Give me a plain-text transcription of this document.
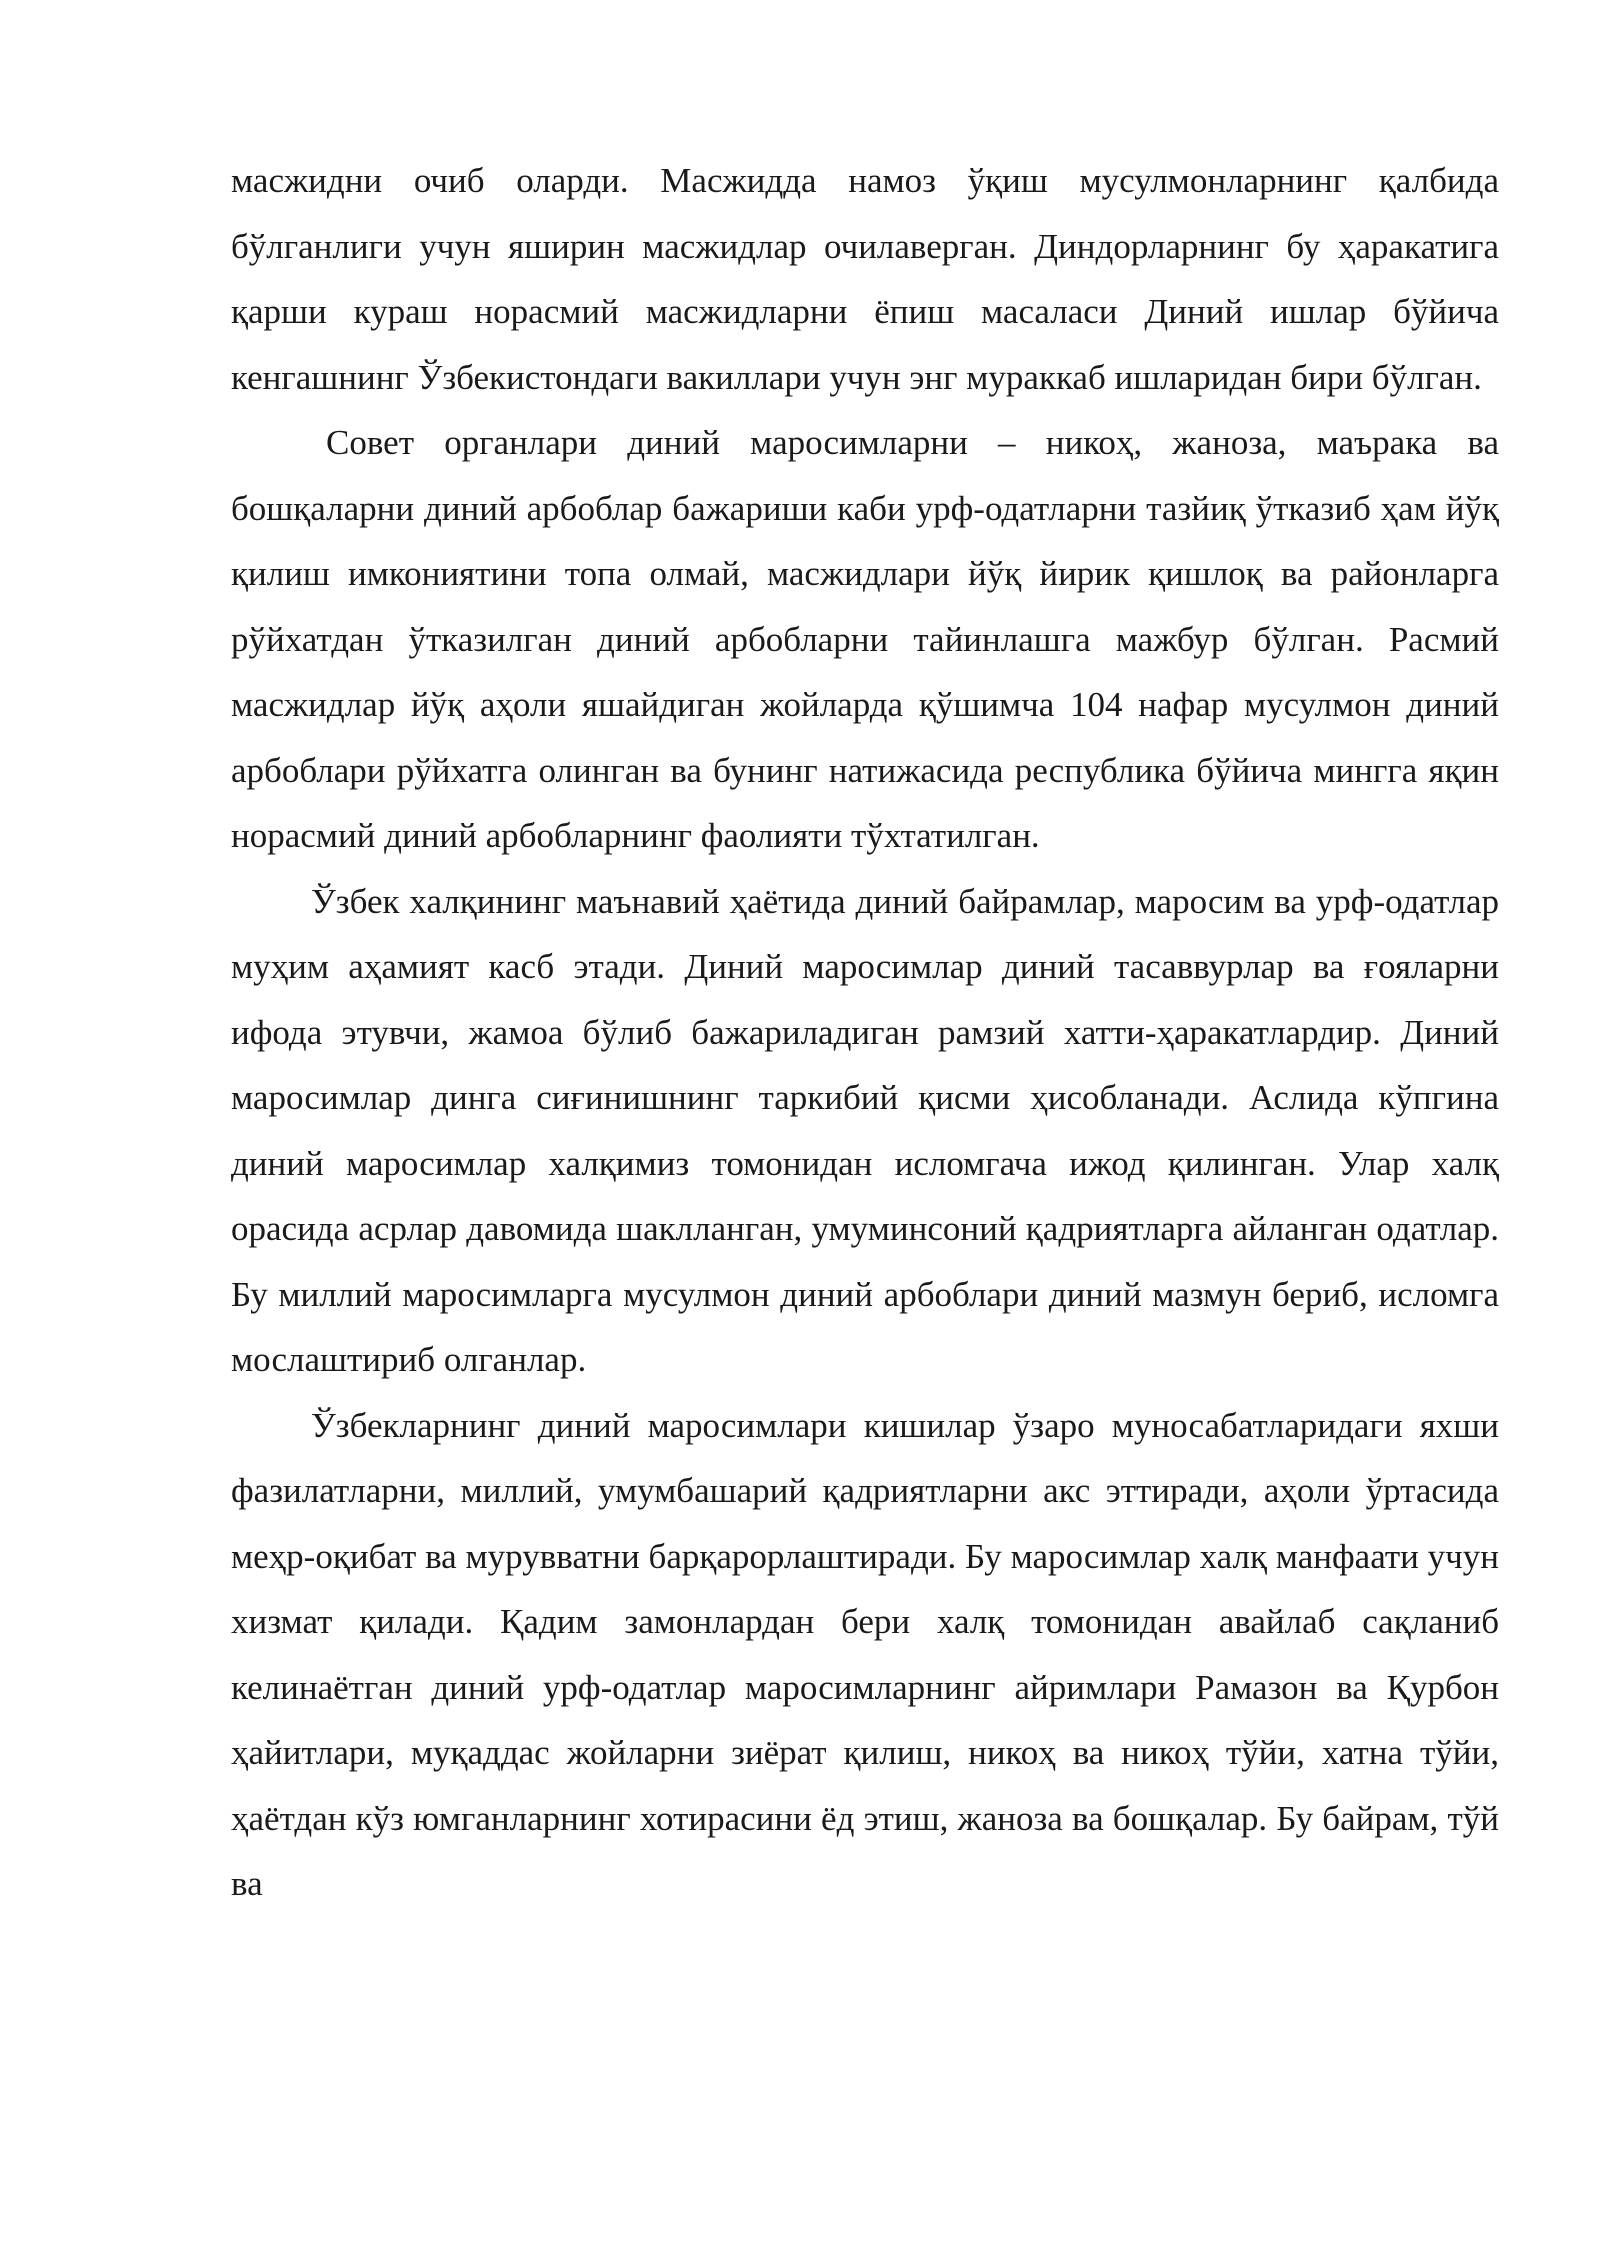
масжидни очиб оларди. Масжидда намоз ўқиш мусулмонларнинг қалбида бўлганлиги учун яширин масжидлар очилаверган. Диндорларнинг бу ҳаракатига қарши кураш норасмий масжидларни ёпиш масаласи Диний ишлар бўйича кенгашнинг Ўзбекистондаги вакиллари учун энг мураккаб ишларидан бири бўлган.

Совет органлари диний маросимларни – никоҳ, жаноза, маърака ва бошқаларни диний арбоблар бажариши каби урф-одатларни тазйиқ ўтказиб ҳам йўқ қилиш имкониятини топа олмай, масжидлари йўқ йирик қишлоқ ва районларга рўйхатдан ўтказилган диний арбобларни тайинлашга мажбур бўлган. Расмий масжидлар йўқ аҳоли яшайдиган жойларда қўшимча 104 нафар мусулмон диний арбоблари рўйхатга олинган ва бунинг натижасида республика бўйича мингга яқин норасмий диний арбобларнинг фаолияти тўхтатилган.

Ўзбек халқининг маънавий ҳаётида диний байрамлар, маросим ва урф-одатлар муҳим аҳамият касб этади. Диний маросимлар диний тасаввурлар ва ғояларни ифода этувчи, жамоа бўлиб бажариладиган рамзий хатти-ҳаракатлардир. Диний маросимлар динга сиғинишнинг таркибий қисми ҳисобланади. Аслида кўпгина диний маросимлар халқимиз томонидан исломгача ижод қилинган. Улар халқ орасида асрлар давомида шаклланган, умуминсоний қадриятларга айланган одатлар. Бу миллий маросимларга мусулмон диний арбоблари диний мазмун бериб, исломга мослаштириб олганлар.

Ўзбекларнинг диний маросимлари кишилар ўзаро муносабатларидаги яхши фазилатларни, миллий, умумбашарий қадриятларни акс эттиради, аҳоли ўртасида меҳр-оқибат ва мурувватни барқарорлаштиради. Бу маросимлар халқ манфаати учун хизмат қилади. Қадим замонлардан бери халқ томонидан авайлаб сақланиб келинаётган диний урф-одатлар маросимларнинг айримлари Рамазон ва Қурбон ҳайитлари, муқаддас жойларни зиёрат қилиш, никоҳ ва никоҳ тўйи, хатна тўйи, ҳаётдан кўз юмганларнинг хотирасини ёд этиш, жаноза ва бошқалар. Бу байрам, тўй ва
